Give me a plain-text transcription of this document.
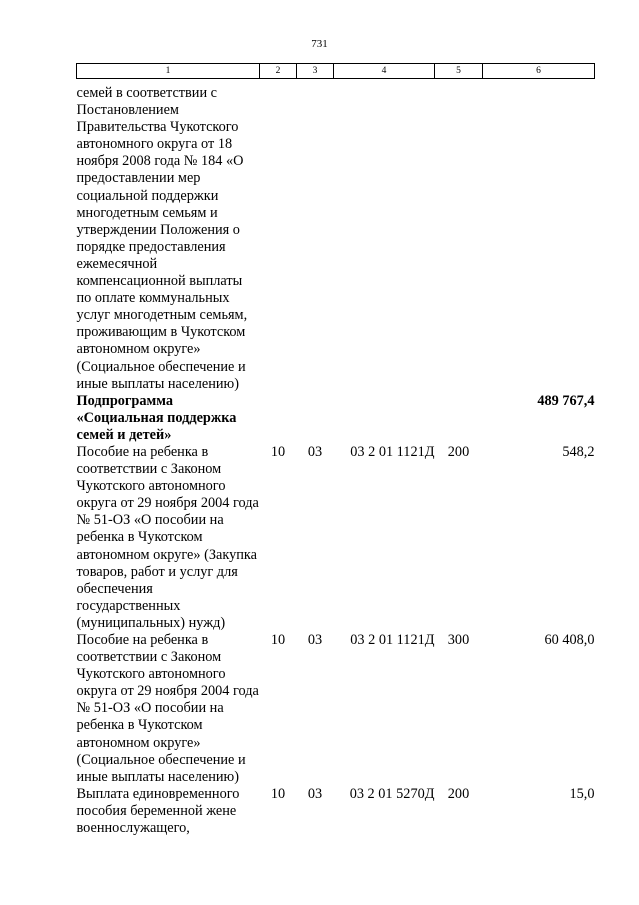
731
1	2	3	4	5	6
семей в соответствии с Постановлением Правительства Чукотского автономного округа от 18 ноября 2008 года № 184 «О предоставлении мер социальной поддержки многодетным семьям и утверждении Положения о порядке предоставления ежемесячной компенсационной выплаты по оплате коммунальных услуг многодетным семьям, проживающим в Чукотском автономном округе» (Социальное обеспечение и иные выплаты населению)					
Подпрограмма «Социальная поддержка семей и детей»					489 767,4
Пособие на ребенка в соответствии с Законом Чукотского автономного округа от 29 ноября 2004 года № 51-ОЗ «О пособии на ребенка в Чукотском автономном округе» (Закупка товаров, работ и услуг для обеспечения государственных (муниципальных) нужд)	10	03	03 2 01 1121Д	200	548,2
Пособие на ребенка в соответствии с Законом Чукотского автономного округа от 29 ноября 2004 года № 51-ОЗ «О пособии на ребенка в Чукотском автономном округе» (Социальное обеспечение и иные выплаты населению)	10	03	03 2 01 1121Д	300	60 408,0
Выплата единовременного пособия беременной жене военнослужащего,	10	03	03 2 01 5270Д	200	15,0
